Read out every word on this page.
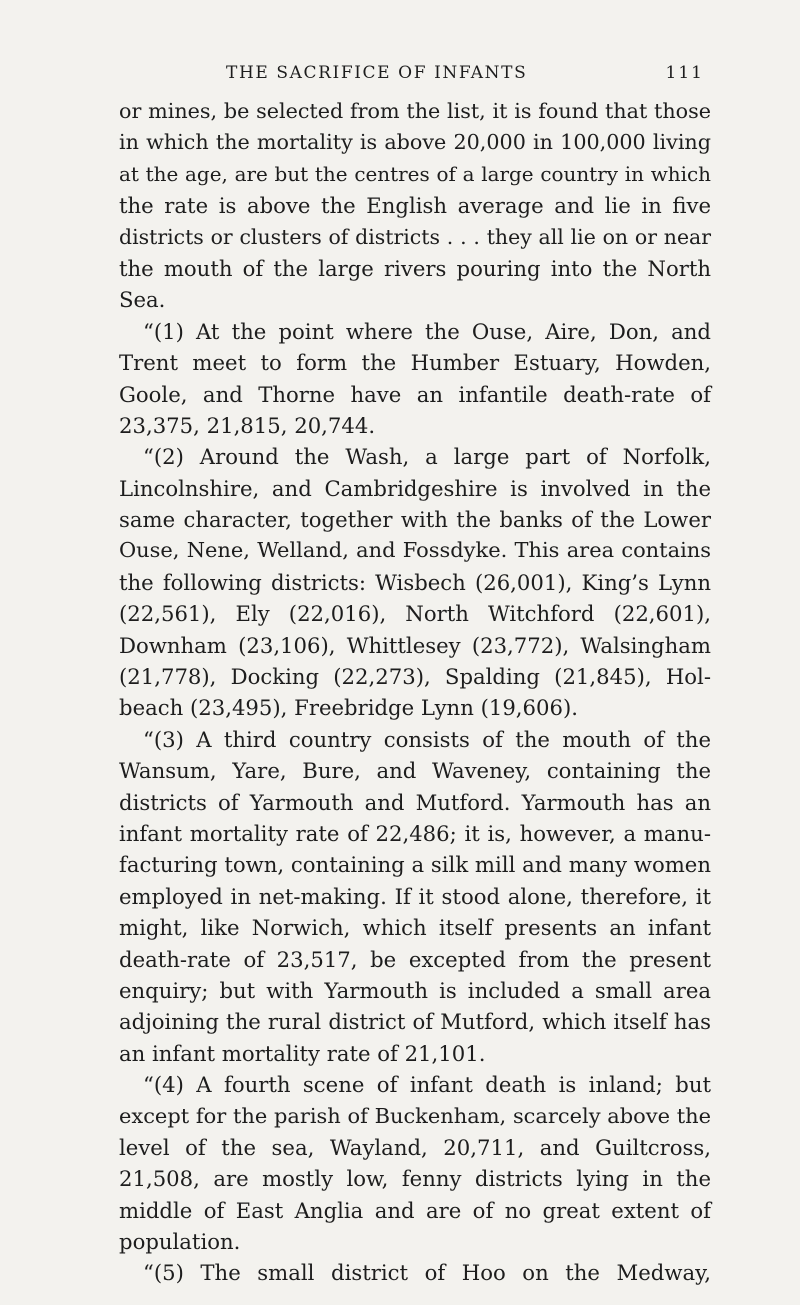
THE SACRIFICE OF INFANTS	111
or mines, be selected from the list, it is found that those
in which the mortality is above 20,000 in 100,000 living
at the age, are but the centres of a large country in which
the rate is above the English average and lie in five
districts or clusters of districts . . . they all lie on or near
the mouth of the large rivers pouring into the North
Sea.
“(1) At the point where the Ouse, Aire, Don, and
Trent meet to form the Humber Estuary, Howden,
Goole, and Thorne have an infantile death-rate of
23,375, 21,815, 20,744.
“(2) Around the Wash, a large part of Norfolk,
Lincolnshire, and Cambridgeshire is involved in the
same character, together with the banks of the Lower
Ouse, Nene, Welland, and Fossdyke. This area contains
the following districts: Wisbech (26,001), King’s Lynn
(22,561), Ely (22,016), North Witchford (22,601),
Downham (23,106), Whittlesey (23,772), Walsingham
(21,778), Docking (22,273), Spalding (21,845), Hol-
beach (23,495), Freebridge Lynn (19,606).
“(3) A third country consists of the mouth of the
Wansum, Yare, Bure, and Waveney, containing the
districts of Yarmouth and Mutford. Yarmouth has an
infant mortality rate of 22,486; it is, however, a manu-
facturing town, containing a silk mill and many women
employed in net-making. If it stood alone, therefore, it
might, like Norwich, which itself presents an infant
death-rate of 23,517, be excepted from the present
enquiry; but with Yarmouth is included a small area
adjoining the rural district of Mutford, which itself has
an infant mortality rate of 21,101.
“(4) A fourth scene of infant death is inland; but
except for the parish of Buckenham, scarcely above the
level of the sea, Wayland, 20,711, and Guiltcross,
21,508, are mostly low, fenny districts lying in the
middle of East Anglia and are of no great extent of
population.
“(5) The small district of Hoo on the Medway,
